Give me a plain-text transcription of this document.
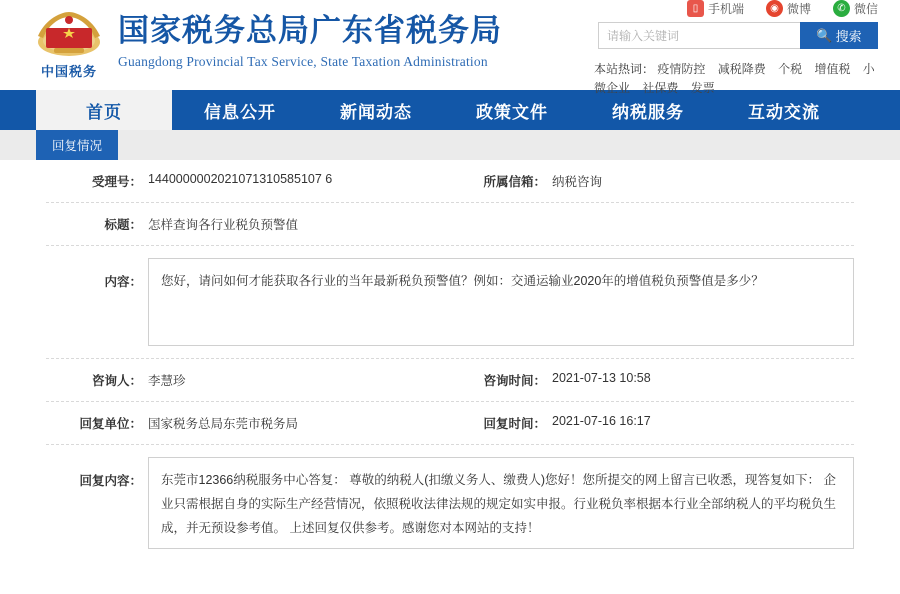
中国税务
国家税务总局广东省税务局
Guangdong Provincial Tax Service, State Taxation Administration
▯ 手机端	◉ 微博	✆ 微信
请输入关键词
🔍 搜索
本站热词： 疫情防控 减税降费 个税 增值税 小微企业 社保费 发票
首页	信息公开	新闻动态	政策文件	纳税服务	互动交流
回复情况
受理号： 1440000002021071310585107 6	所属信箱： 纳税咨询
标题： 怎样查询各行业税负预警值
内容：	您好，请问如何才能获取各行业的当年最新税负预警值？例如：交通运输业2020年的增值税负预警值是多少？
咨询人： 李慧珍	咨询时间： 2021-07-13 10:58
回复单位： 国家税务总局东莞市税务局	回复时间： 2021-07-16 16:17
回复内容：	东莞市12366纳税服务中心答复： 尊敬的纳税人(扣缴义务人、缴费人)您好！您所提交的网上留言已收悉，现答复如下： 企业只需根据自身的实际生产经营情况，依照税收法律法规的规定如实申报。行业税负率根据本行业全部纳税人的平均税负生成，并无预设参考值。 上述回复仅供参考。感谢您对本网站的支持！
